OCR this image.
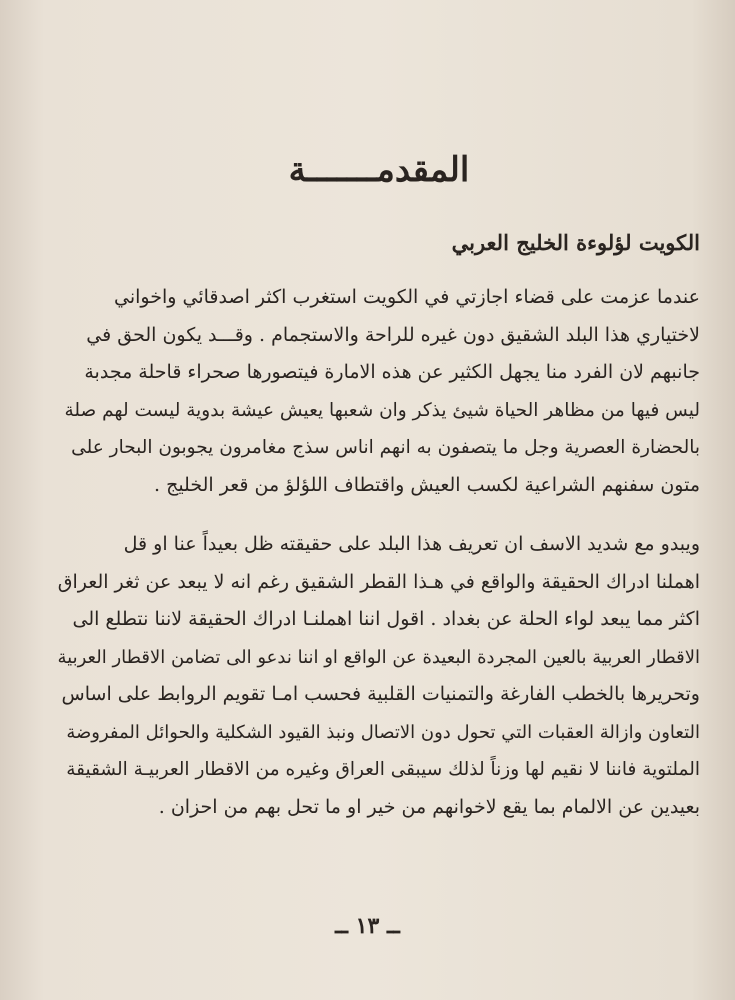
المقدمـــــــة
الكويت لؤلوءة الخليج العربي

عندما عزمت على قضاء اجازتي في الكويت استغرب اكثر اصدقائي واخواني
لاختياري هذا البلد الشقيق دون غيره للراحة والاستجمام . وقـــد يكون الحق في
جانبهم لان الفرد منا يجهل الكثير عن هذه الامارة فيتصورها صحراء قاحلة مجدبة
ليس فيها من مظاهر الحياة شيئ يذكر وان شعبها يعيش عيشة بدوية ليست لهم صلة
بالحضارة العصرية وجل ما يتصفون به انهم اناس سذج مغامرون يجوبون البحار على
متون سفنهم الشراعية لكسب العيش واقتطاف اللؤلؤ من قعر الخليج .

ويبدو مع شديد الاسف ان تعريف هذا البلد على حقيقته ظل بعيداً عنا او قل
اهملنا ادراك الحقيقة والواقع في هـذا القطر الشقيق رغم انه لا يبعد عن ثغر العراق
اكثر مما يبعد لواء الحلة عن بغداد . اقول اننا اهملنـا ادراك الحقيقة لاننا نتطلع الى
الاقطار العربية بالعين المجردة البعيدة عن الواقع او اننا ندعو الى تضامن الاقطار العربية
وتحريرها بالخطب الفارغة والتمنيات القلبية فحسب امـا تقويم الروابط على اساس
التعاون وازالة العقبات التي تحول دون الاتصال ونبذ القيود الشكلية والحوائل المفروضة
الملتوية فاننا لا نقيم لها وزناً لذلك سيبقى العراق وغيره من الاقطار العربيـة الشقيقة
بعيدين عن الالمام بما يقع لاخوانهم من خير او ما تحل بهم من احزان .

ــ ١٣ ــ
